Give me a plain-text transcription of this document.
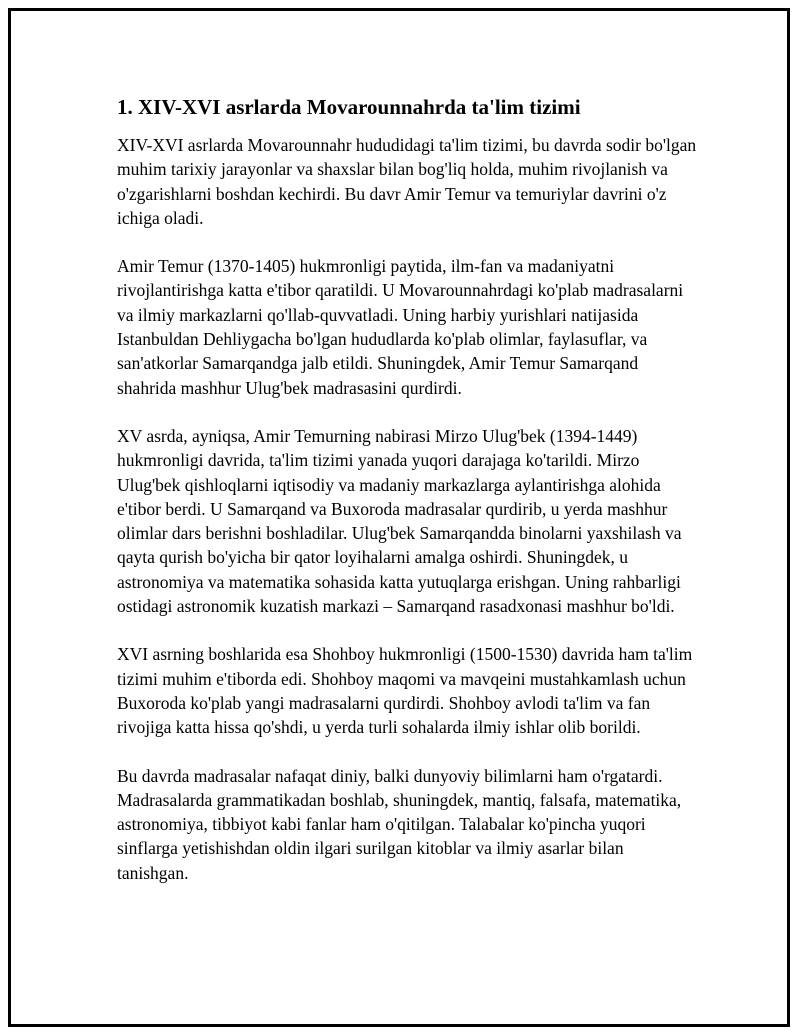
1. XIV-XVI asrlarda Movarounnahrda ta'lim tizimi

XIV-XVI asrlarda Movarounnahr hududidagi ta'lim tizimi, bu davrda sodir bo'lgan muhim tarixiy jarayonlar va shaxslar bilan bog'liq holda, muhim rivojlanish va o'zgarishlarni boshdan kechirdi. Bu davr Amir Temur va temuriylar davrini o'z ichiga oladi.

Amir Temur (1370-1405) hukmronligi paytida, ilm-fan va madaniyatni rivojlantirishga katta e'tibor qaratildi. U Movarounnahrdagi ko'plab madrasalarni va ilmiy markazlarni qo'llab-quvvatladi. Uning harbiy yurishlari natijasida Istanbuldan Dehliygacha bo'lgan hududlarda ko'plab olimlar, faylasuflar, va san'atkorlar Samarqandga jalb etildi. Shuningdek, Amir Temur Samarqand shahrida mashhur Ulug'bek madrasasini qurdirdi.

XV asrda, ayniqsa, Amir Temurning nabirasi Mirzo Ulug'bek (1394-1449) hukmronligi davrida, ta'lim tizimi yanada yuqori darajaga ko'tarildi. Mirzo Ulug'bek qishloqlarni iqtisodiy va madaniy markazlarga aylantirishga alohida e'tibor berdi. U Samarqand va Buxoroda madrasalar qurdirib, u yerda mashhur olimlar dars berishni boshladilar. Ulug'bek Samarqandda binolarni yaxshilash va qayta qurish bo'yicha bir qator loyihalarni amalga oshirdi. Shuningdek, u astronomiya va matematika sohasida katta yutuqlarga erishgan. Uning rahbarligi ostidagi astronomik kuzatish markazi – Samarqand rasadxonasi mashhur bo'ldi.

XVI asrning boshlarida esa Shohboy hukmronligi (1500-1530) davrida ham ta'lim tizimi muhim e'tiborda edi. Shohboy maqomi va mavqeini mustahkamlash uchun Buxoroda ko'plab yangi madrasalarni qurdirdi. Shohboy avlodi ta'lim va fan rivojiga katta hissa qo'shdi, u yerda turli sohalarda ilmiy ishlar olib borildi.

Bu davrda madrasalar nafaqat diniy, balki dunyoviy bilimlarni ham o'rgatardi. Madrasalarda grammatikadan boshlab, shuningdek, mantiq, falsafa, matematika, astronomiya, tibbiyot kabi fanlar ham o'qitilgan. Talabalar ko'pincha yuqori sinflarga yetishishdan oldin ilgari surilgan kitoblar va ilmiy asarlar bilan tanishgan.
